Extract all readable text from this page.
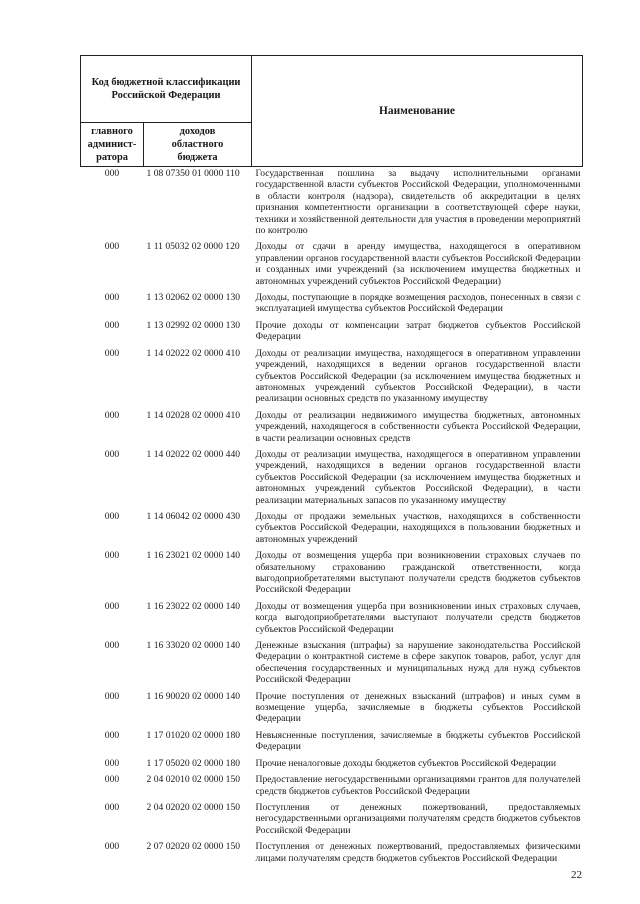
Код бюджетной классификации Российской Федерации		Наименование
главного
админист-
ратора	доходов
областного
бюджета	
000	1 08 07350 01 0000 110	Государственная пошлина за выдачу исполнительными органами государственной власти субъектов Российской Федерации, уполномоченными в области контроля (надзора), свидетельств об аккредитации в целях признания компетентности организации в соответствующей сфере науки, техники и хозяйственной деятельности для участия в проведении мероприятий по контролю
000	1 11 05032 02 0000 120	Доходы от сдачи в аренду имущества, находящегося в оперативном управлении органов государственной власти субъектов Российской Федерации и созданных ими учреждений (за исключением имущества бюджетных и автономных учреждений субъектов Российской Федерации)
000	1 13 02062 02 0000 130	Доходы, поступающие в порядке возмещения расходов, понесенных в связи с эксплуатацией имущества субъектов Российской Федерации
000	1 13 02992 02 0000 130	Прочие доходы от компенсации затрат бюджетов субъектов Российской Федерации
000	1 14 02022 02 0000 410	Доходы от реализации имущества, находящегося в оперативном управлении учреждений, находящихся в ведении органов государственной власти субъектов Российской Федерации (за исключением имущества бюджетных и автономных учреждений субъектов Российской Федерации), в части реализации основных средств по указанному имуществу
000	1 14 02028 02 0000 410	Доходы от реализации недвижимого имущества бюджетных, автономных учреждений, находящегося в собственности субъекта Российской Федерации, в части реализации основных средств
000	1 14 02022 02 0000 440	Доходы от реализации имущества, находящегося в оперативном управлении учреждений, находящихся в ведении органов государственной власти субъектов Российской Федерации (за исключением имущества бюджетных и автономных учреждений субъектов Российской Федерации), в части реализации материальных запасов по указанному имуществу
000	1 14 06042 02 0000 430	Доходы от продажи земельных участков, находящихся в собственности субъектов Российской Федерации, находящихся в пользовании бюджетных и автономных учреждений
000	1 16 23021 02 0000 140	Доходы от возмещения ущерба при возникновении страховых случаев по обязательному страхованию гражданской ответственности, когда выгодоприобретателями выступают получатели средств бюджетов субъектов Российской Федерации
000	1 16 23022 02 0000 140	Доходы от возмещения ущерба при возникновении иных страховых случаев, когда выгодоприобретателями выступают получатели средств бюджетов субъектов Российской Федерации
000	1 16 33020 02 0000 140	Денежные взыскания (штрафы) за нарушение законодательства Российской Федерации о контрактной системе в сфере закупок товаров, работ, услуг для обеспечения государственных и муниципальных нужд для нужд субъектов Российской Федерации
000	1 16 90020 02 0000 140	Прочие поступления от денежных взысканий (штрафов) и иных сумм в возмещение ущерба, зачисляемые в бюджеты субъектов Российской Федерации
000	1 17 01020 02 0000 180	Невыясненные поступления, зачисляемые в бюджеты субъектов Российской Федерации
000	1 17 05020 02 0000 180	Прочие неналоговые доходы бюджетов субъектов Российской Федерации
000	2 04 02010 02 0000 150	Предоставление негосударственными организациями грантов для получателей средств бюджетов субъектов Российской Федерации
000	2 04 02020 02 0000 150	Поступления от денежных пожертвований, предоставляемых негосударственными организациями получателям средств бюджетов субъектов Российской Федерации
000	2 07 02020 02 0000 150	Поступления от денежных пожертвований, предоставляемых физическими лицами получателям средств бюджетов субъектов Российской Федерации
22
